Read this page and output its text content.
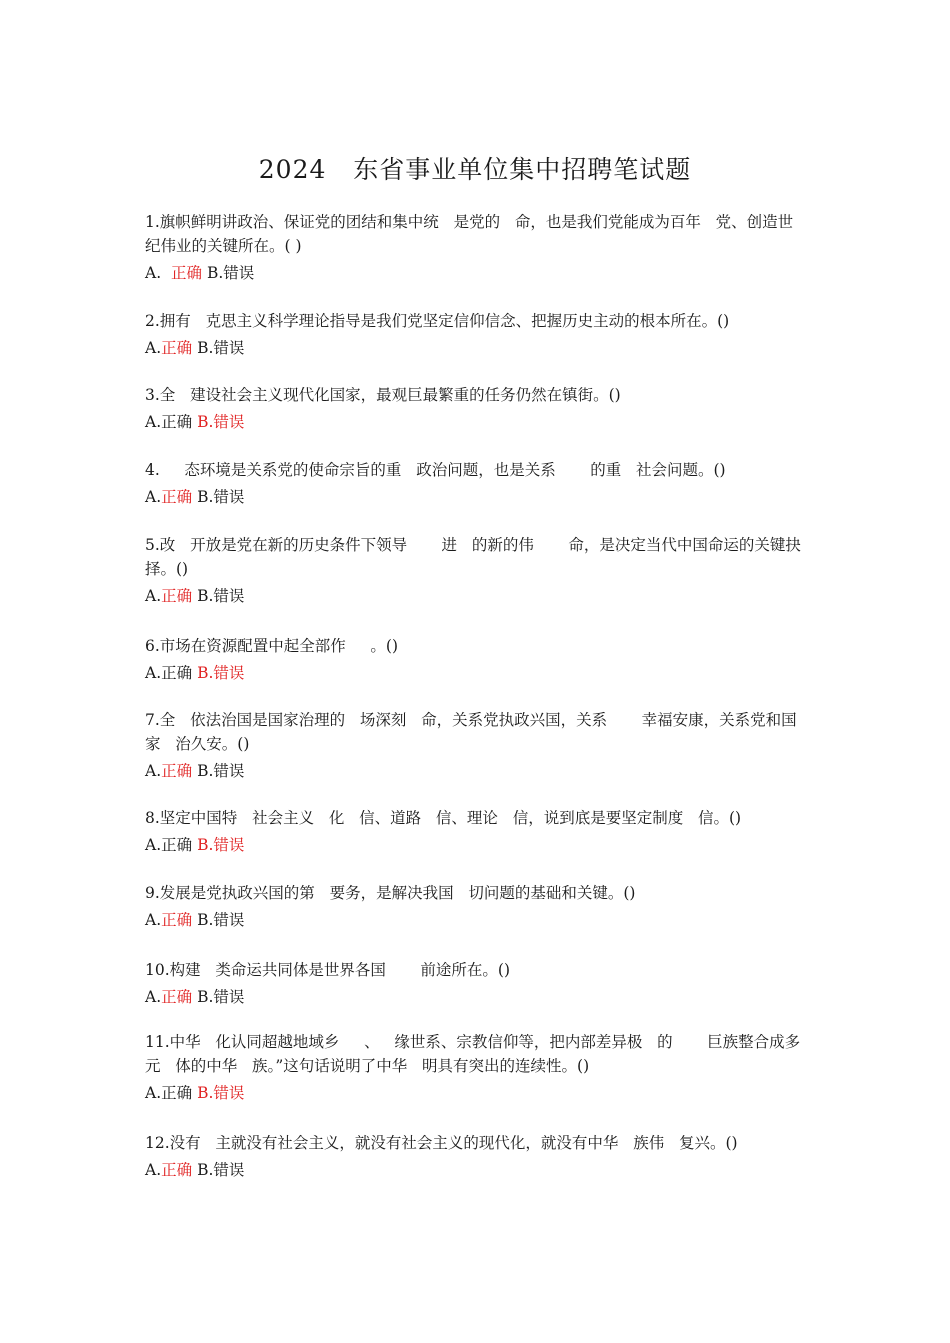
2024   东省事业单位集中招聘笔试题
1.旗帜鲜明讲政治、保证党的团结和集中统   是党的   命，也是我们党能成为百年   党、创造世纪伟业的关键所在。( )
A.  正确 B.错误
2.拥有   克思主义科学理论指导是我们党坚定信仰信念、把握历史主动的根本所在。()
A.正确 B.错误
3.全   建设社会主义现代化国家，最观巨最繁重的任务仍然在镇街。()
A.正确 B.错误
4.     态环境是关系党的使命宗旨的重   政治问题，也是关系       的重   社会问题。()
A.正确 B.错误
5.改   开放是党在新的历史条件下领导       进   的新的伟       命，是决定当代中国命运的关键抉择。()
A.正确 B.错误
6.市场在资源配置中起全部作     。()
A.正确 B.错误
7.全   依法治国是国家治理的   场深刻   命，关系党执政兴国，关系       幸福安康，关系党和国家   治久安。()
A.正确 B.错误
8.坚定中国特   社会主义   化   信、道路   信、理论   信，说到底是要坚定制度   信。()
A.正确 B.错误
9.发展是党执政兴国的第   要务，是解决我国   切问题的基础和关键。()
A.正确 B.错误
10.构建   类命运共同体是世界各国       前途所在。()
A.正确 B.错误
11.中华   化认同超越地域乡     、   缘世系、宗教信仰等，把内部差异极   的       巨族整合成多元   体的中华   族。”这句话说明了中华   明具有突出的连续性。()
A.正确 B.错误
12.没有   主就没有社会主义，就没有社会主义的现代化，就没有中华   族伟   复兴。()
A.正确 B.错误
